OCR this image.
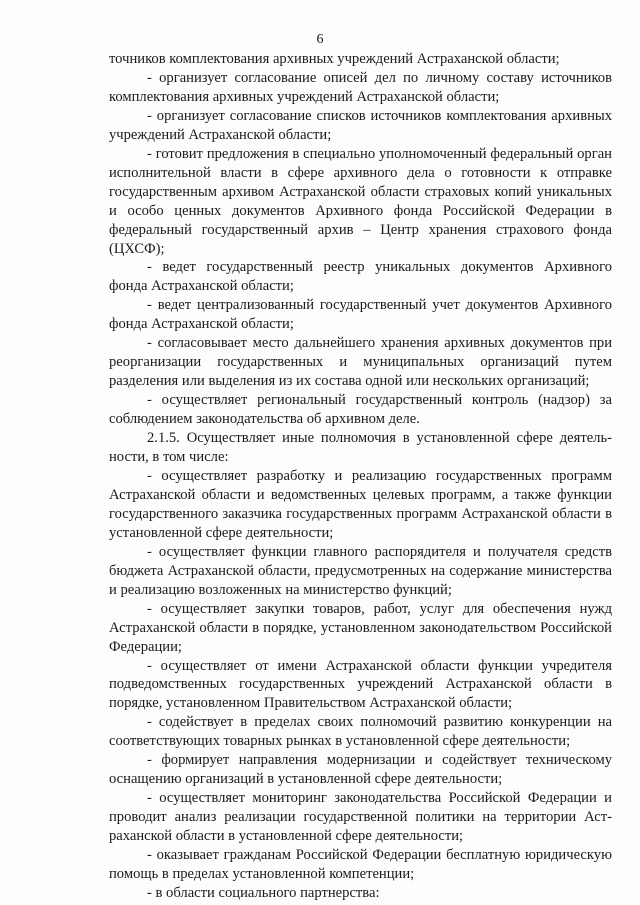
6

точников комплектования архивных учреждений Астраханской области;

- организует согласование описей дел по личному составу источников комплектования архивных учреждений Астраханской области;

- организует согласование списков источников комплектования архивных учреждений Астраханской области;

- готовит предложения в специально уполномоченный федеральный орган исполнительной власти в сфере архивного дела о готовности к отправке государственным архивом Астраханской области страховых копий уникальных и особо ценных документов Архивного фонда Российской Федерации в федеральный государственный архив – Центр хранения страхового фонда (ЦХСФ);

- ведет государственный реестр уникальных документов Архивного фонда Астраханской области;

- ведет централизованный государственный учет документов Архивного фонда Астраханской области;

- согласовывает место дальнейшего хранения архивных документов при реорганизации государственных и муниципальных организаций путем разделения или выделения из их состава одной или нескольких организаций;

- осуществляет региональный государственный контроль (надзор) за соблюдением законодательства об архивном деле.

2.1.5. Осуществляет иные полномочия в установленной сфере деятельности, в том числе:

- осуществляет разработку и реализацию государственных программ Астраханской области и ведомственных целевых программ, а также функции государственного заказчика государственных программ Астраханской области в установленной сфере деятельности;

- осуществляет функции главного распорядителя и получателя средств бюджета Астраханской области, предусмотренных на содержание министерства и реализацию возложенных на министерство функций;

- осуществляет закупки товаров, работ, услуг для обеспечения нужд Астраханской области в порядке, установленном законодательством Российской Федерации;

- осуществляет от имени Астраханской области функции учредителя подведомственных государственных учреждений Астраханской области в порядке, установленном Правительством Астраханской области;

- содействует в пределах своих полномочий развитию конкуренции на соответствующих товарных рынках в установленной сфере деятельности;

- формирует направления модернизации и содействует техническому оснащению организаций в установленной сфере деятельности;

- осуществляет мониторинг законодательства Российской Федерации и проводит анализ реализации государственной политики на территории Астраханской области в установленной сфере деятельности;

- оказывает гражданам Российской Федерации бесплатную юридическую помощь в пределах установленной компетенции;

- в области социального партнерства:
